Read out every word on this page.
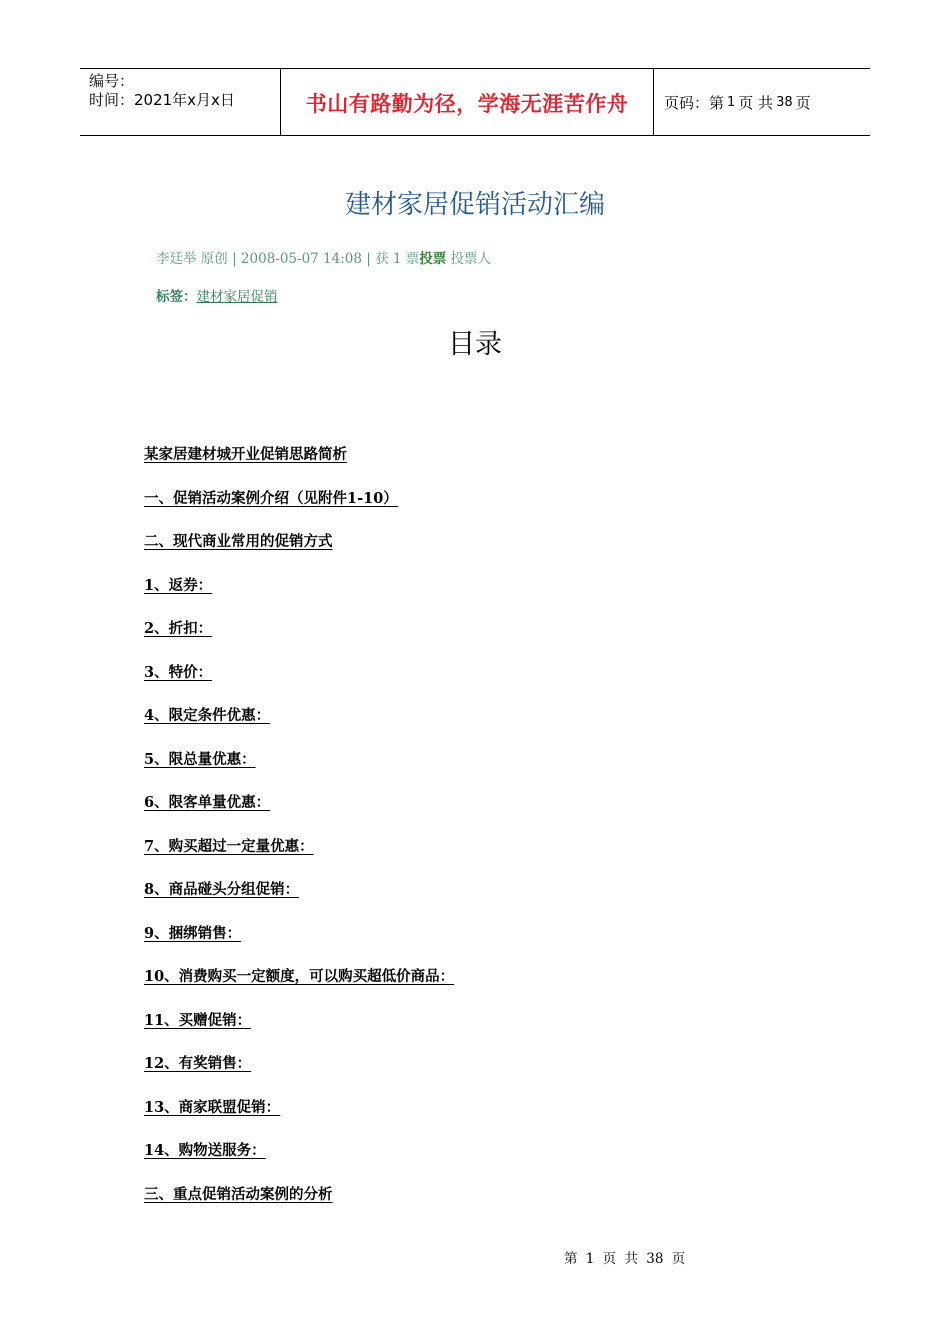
编号：
时间：2021年x月x日	书山有路勤为径，学海无涯苦作舟 页码：第 1 页 共 38 页
建材家居促销活动汇编
李廷举 原创 | 2008-05-07 14:08 | 获 1 票投票 投票人
标签：建材家居促销
目录
某家居建材城开业促销思路简析
一、促销活动案例介绍（见附件1-10）
二、现代商业常用的促销方式
1、返券：
2、折扣：
3、特价：
4、限定条件优惠：
5、限总量优惠：
6、限客单量优惠：
7、购买超过一定量优惠：
8、商品碰头分组促销：
9、捆绑销售：
10、消费购买一定额度，可以购买超低价商品：
11、买赠促销：
12、有奖销售：
13、商家联盟促销：
14、购物送服务：
三、重点促销活动案例的分析
第 1 页 共 38 页
